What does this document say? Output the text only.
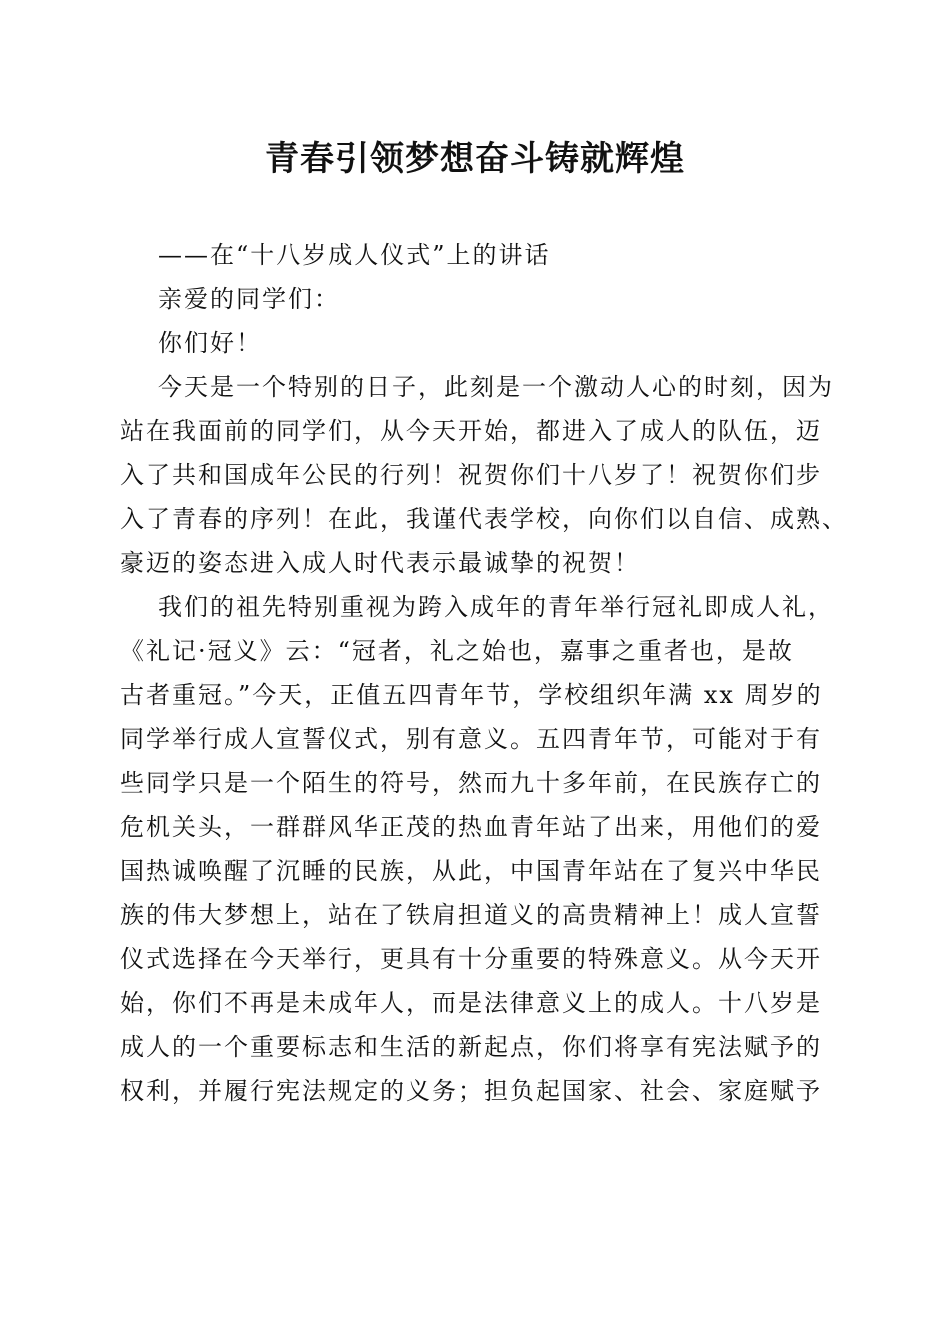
青春引领梦想奋斗铸就辉煌
——在“十八岁成人仪式”上的讲话
亲爱的同学们：
你们好！
今天是一个特别的日子，此刻是一个激动人心的时刻，因为
站在我面前的同学们，从今天开始，都进入了成人的队伍，迈
入了共和国成年公民的行列！祝贺你们十八岁了！祝贺你们步
入了青春的序列！在此，我谨代表学校，向你们以自信、成熟、
豪迈的姿态进入成人时代表示最诚挚的祝贺！
我们的祖先特别重视为跨入成年的青年举行冠礼即成人礼，
《礼记·冠义》云：“冠者，礼之始也，嘉事之重者也，是故
古者重冠。”今天，正值五四青年节，学校组织年满 xx 周岁的
同学举行成人宣誓仪式，别有意义。五四青年节，可能对于有
些同学只是一个陌生的符号，然而九十多年前，在民族存亡的
危机关头，一群群风华正茂的热血青年站了出来，用他们的爱
国热诚唤醒了沉睡的民族，从此，中国青年站在了复兴中华民
族的伟大梦想上，站在了铁肩担道义的高贵精神上！成人宣誓
仪式选择在今天举行，更具有十分重要的特殊意义。从今天开
始，你们不再是未成年人，而是法律意义上的成人。十八岁是
成人的一个重要标志和生活的新起点，你们将享有宪法赋予的
权利，并履行宪法规定的义务；担负起国家、社会、家庭赋予
